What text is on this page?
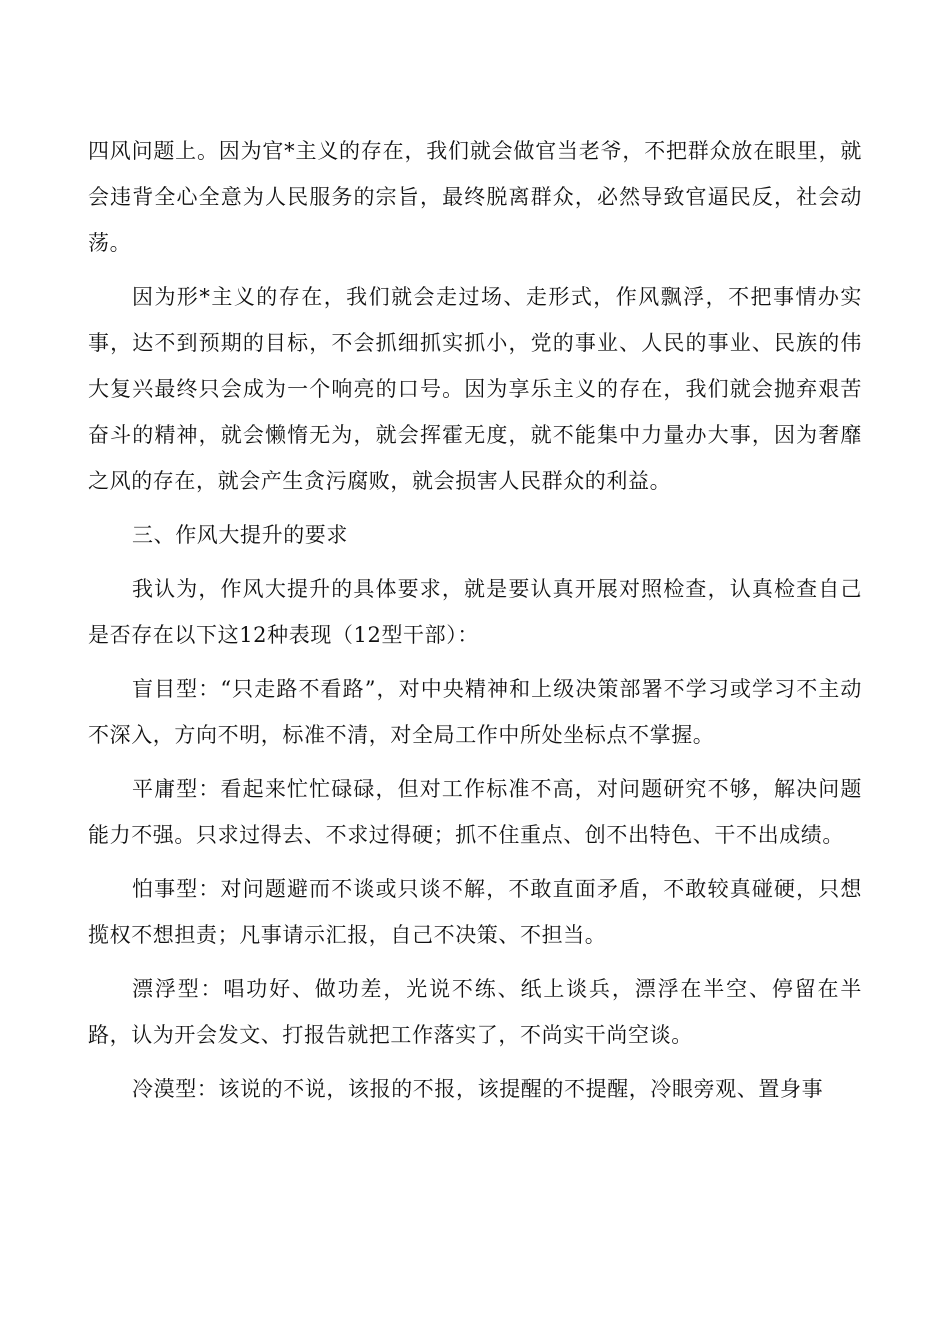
四风问题上。因为官*主义的存在，我们就会做官当老爷，不把群众放在眼里，就会违背全心全意为人民服务的宗旨，最终脱离群众，必然导致官逼民反，社会动荡。

因为形*主义的存在，我们就会走过场、走形式，作风飘浮，不把事情办实事，达不到预期的目标，不会抓细抓实抓小，党的事业、人民的事业、民族的伟大复兴最终只会成为一个响亮的口号。因为享乐主义的存在，我们就会抛弃艰苦奋斗的精神，就会懒惰无为，就会挥霍无度，就不能集中力量办大事，因为奢靡之风的存在，就会产生贪污腐败，就会损害人民群众的利益。

三、作风大提升的要求

我认为，作风大提升的具体要求，就是要认真开展对照检查，认真检查自己是否存在以下这12种表现（12型干部）：

盲目型：“只走路不看路”，对中央精神和上级决策部署不学习或学习不主动不深入，方向不明，标准不清，对全局工作中所处坐标点不掌握。

平庸型：看起来忙忙碌碌，但对工作标准不高，对问题研究不够，解决问题能力不强。只求过得去、不求过得硬；抓不住重点、创不出特色、干不出成绩。

怕事型：对问题避而不谈或只谈不解，不敢直面矛盾，不敢较真碰硬，只想揽权不想担责；凡事请示汇报，自己不决策、不担当。

漂浮型：唱功好、做功差，光说不练、纸上谈兵，漂浮在半空、停留在半路，认为开会发文、打报告就把工作落实了，不尚实干尚空谈。

冷漠型：该说的不说，该报的不报，该提醒的不提醒，冷眼旁观、置身事
